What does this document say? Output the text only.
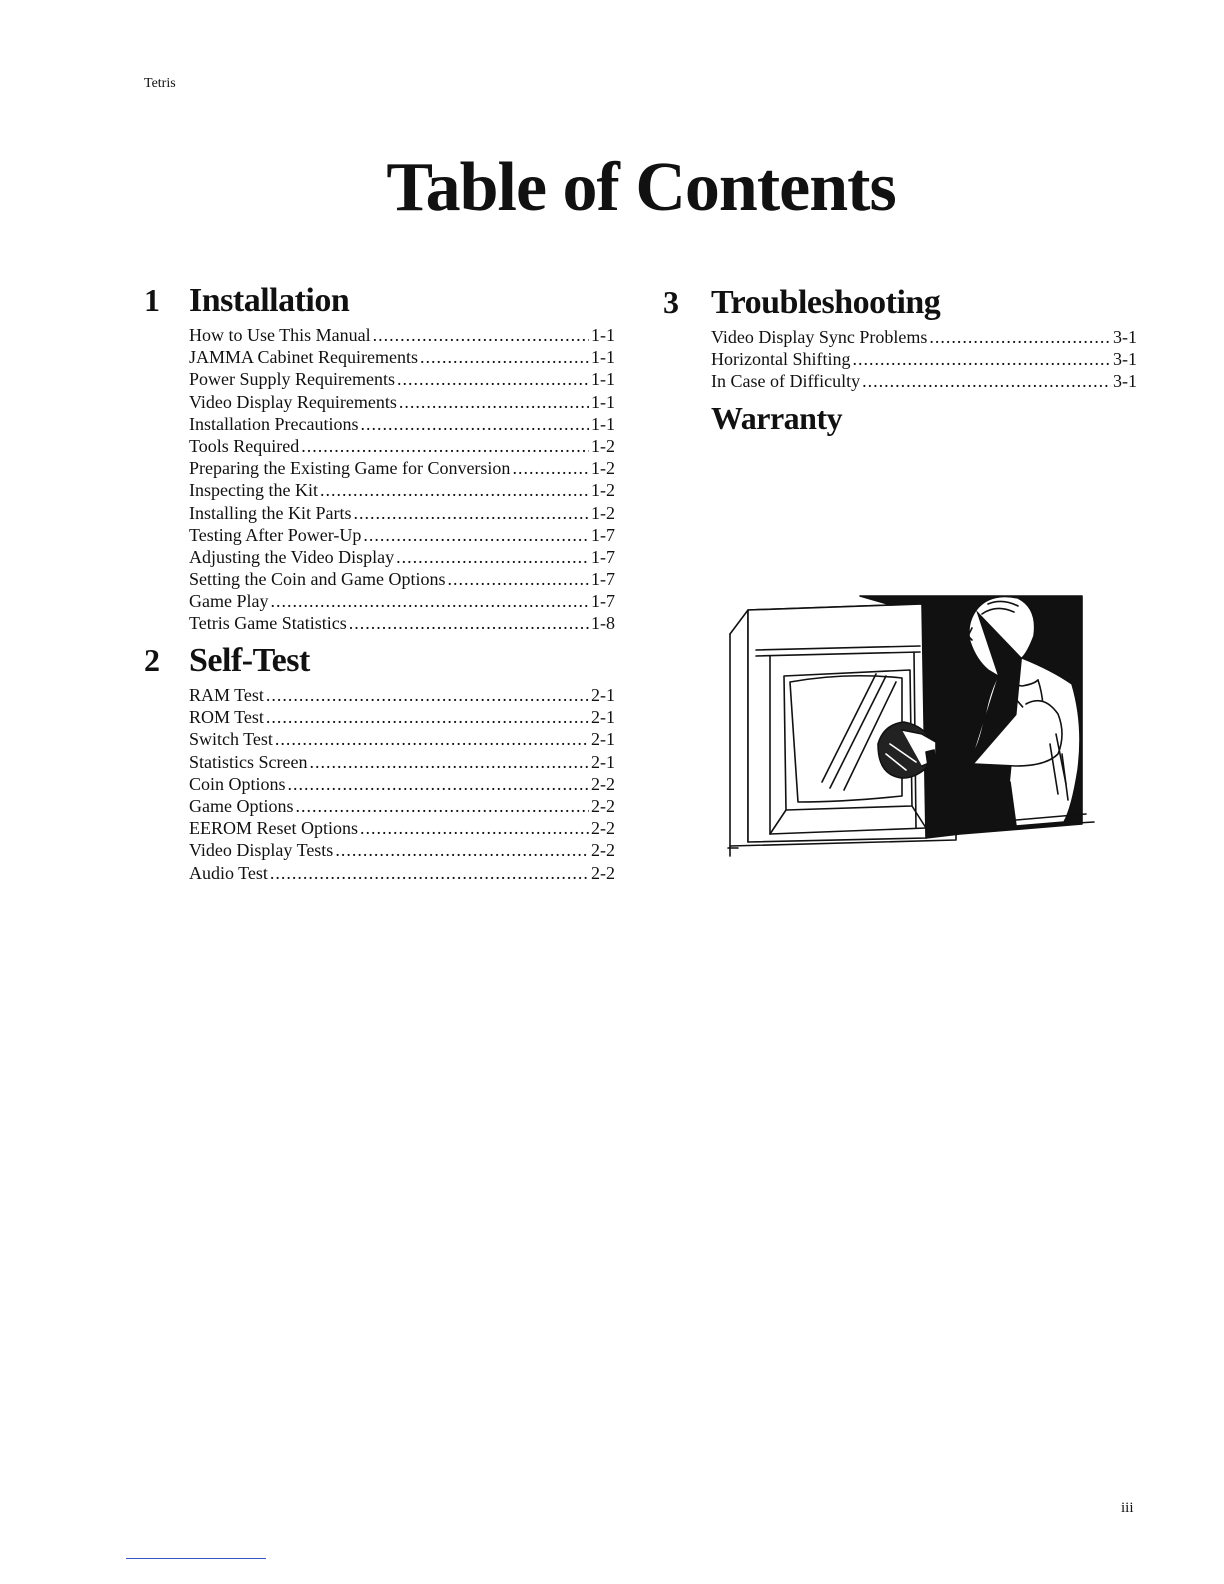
Tetris
Table of Contents
1 Installation
How to Use This Manual .....	1-1
JAMMA Cabinet Requirements .....	1-1
Power Supply Requirements .....	1-1
Video Display Requirements .....	1-1
Installation Precautions .....	1-1
Tools Required .....	1-2
Preparing the Existing Game for Conversion .....	1-2
Inspecting the Kit .....	1-2
Installing the Kit Parts .....	1-2
Testing After Power-Up .....	1-7
Adjusting the Video Display .....	1-7
Setting the Coin and Game Options .....	1-7
Game Play .....	1-7
Tetris Game Statistics .....	1-8
2 Self-Test
RAM Test .....	2-1
ROM Test .....	2-1
Switch Test .....	2-1
Statistics Screen .....	2-1
Coin Options .....	2-2
Game Options .....	2-2
EEROM Reset Options .....	2-2
Video Display Tests .....	2-2
Audio Test .....	2-2
3 Troubleshooting
Video Display Sync Problems .....	3-1
Horizontal Shifting .....	3-1
In Case of Difficulty .....	3-1
Warranty
iii
